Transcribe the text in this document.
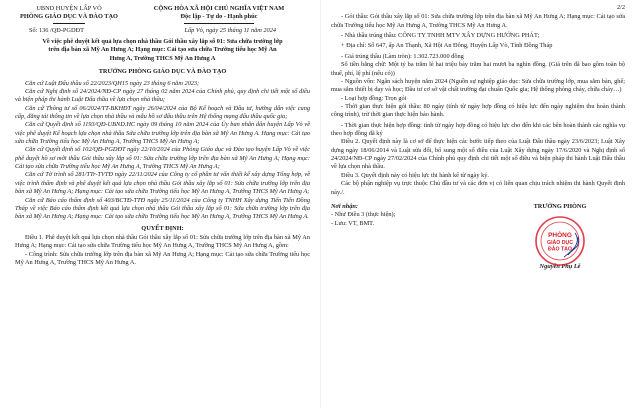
UBND HUYỆN LẤP VÒ
PHÒNG GIÁO DỤC VÀ ĐÀO TẠO
CỘNG HÒA XÃ HỘI CHỦ NGHĨA VIỆT NAM
Độc lập - Tự do - Hạnh phúc
Số: 136 /QĐ-PGDĐT	Lấp Vò, ngày 25 tháng 11 năm 2024
Về việc phê duyệt kết quả lựa chọn nhà thầu Gói thầu xây lắp số 01: Sửa chữa trường lớp trên địa bàn xã Mỹ An Hưng A; Hạng mục: Cải tạo sửa chữa Trường tiểu học Mỹ An Hưng A, Trường THCS Mỹ An Hưng A
TRƯỞNG PHÒNG GIÁO DỤC VÀ ĐÀO TẠO
Căn cứ Luật Đấu thầu số 22/2023/QH15 ngày 23 tháng 6 năm 2023;
Căn cứ Nghị định số 24/2024/NĐ-CP ngày 27 tháng 02 năm 2024 của Chính phủ, quy định chi tiết một số điều và biện pháp thi hành Luật Đấu thầu về lựa chọn nhà thầu;
Căn cứ Thông tư số 06/2024/TT-BKHĐT ngày 26/04/2024 của Bộ Kế hoạch và Đầu tư, hướng dẫn việc cung cấp, đăng tải thông tin về lựa chọn nhà thầu và mẫu hồ sơ đấu thầu trên Hệ thống mạng đấu thầu quốc gia;
Căn cứ Quyết định số 1193/QĐ-UBND.HC ngày 09 tháng 10 năm 2024 của Ủy ban nhân dân huyện Lấp Vò về việc phê duyệt Kế hoạch lựa chọn nhà thầu Sửa chữa trường lớp trên địa bàn xã Mỹ An Hưng A. Hạng mục: Cải tạo sửa chữa Trường tiểu học Mỹ An Hưng A, Trường THCS Mỹ An Hưng A;
Căn cứ Quyết định số 102/QĐ-PGDĐT ngày 22/10/2024 của Phòng Giáo dục và Đào tạo huyện Lấp Vò về việc phê duyệt hồ sơ mời thầu Gói thầu xây lắp số 01: Sửa chữa trường lớp trên địa bàn xã Mỹ An Hưng A; Hạng mục: Cải tạo sửa chữa Trường tiểu học Mỹ An Hưng A, Trường THCS Mỹ An Hưng A;
Căn cứ Tờ trình số 281/TTr-TVTĐ ngày 22/11/2024 của Công ty cổ phần tư vấn thiết kế xây dựng Tổng hợp, về việc trình thẩm định và phê duyệt kết quả lựa chọn nhà thầu Gói thầu xây lắp số 01: Sửa chữa trường lớp trên địa bàn xã Mỹ An Hưng A; Hạng mục: Cải tạo sửa chữa Trường tiểu học Mỹ An Hưng A, Trường THCS Mỹ An Hưng A;
Căn cứ Báo cáo thẩm định số 403/BCTĐ-TTĐ ngày 25/11/2024 của Công ty TNHH Xây dựng Tiến Tiến Đồng Tháp về việc Báo cáo thẩm định kết quả lựa chọn nhà thầu Gói thầu xây lắp số 01: Sửa chữa trường lớp trên địa bàn xã Mỹ An Hưng A; Hạng mục: Cải tạo sửa chữa Trường tiểu học Mỹ An Hưng A, Trường THCS Mỹ An Hưng A.
QUYẾT ĐỊNH:
Điều 1. Phê duyệt kết quả lựa chọn nhà thầu Gói thầu xây lắp số 01: Sửa chữa trường lớp trên địa bàn xã Mỹ An Hưng A; Hạng mục: Cải tạo sửa chữa Trường tiểu học Mỹ An Hưng A, Trường THCS Mỹ An Hưng A, gồm:
- Công trình: Sửa chữa trường lớp trên địa bàn xã Mỹ An Hưng A; Hạng mục: Cải tạo sửa chữa Trường tiểu học Mỹ An Hưng A, Trường THCS Mỹ An Hưng A.
2/2
- Gói thầu: Gói thầu xây lắp số 01: Sửa chữa trường lớp trên địa bàn xã Mỹ An Hưng A; Hạng mục: Cải tạo sửa chữa Trường tiểu học Mỹ An Hưng A, Trường THCS Mỹ An Hưng A.
- Nhà thầu trúng thầu: CÔNG TY TNHH MTV XÂY DỰNG HƯỚNG PHÁT;
+ Địa chỉ: Số 647, ấp An Thạnh, Xã Hội An Đông, Huyện Lấp Vò, Tỉnh Đồng Tháp
- Giá trúng thầu (Làm tròn): 1.302.723.000 đồng
Số tiền bằng chữ: Một tỷ ba trăm lẻ hai triệu bảy trăm hai mươi ba nghìn đồng. (Giá trên đã bao gồm toàn bộ thuế, phí, lệ phí (nếu có))
- Nguồn vốn: Ngân sách huyện năm 2024 (Nguồn sự nghiệp giáo dục: Sửa chữa trường lớp, mua sắm bàn, ghế; mua sắm thiết bị dạy và học; Đầu tư cơ sở vật chất trường đạt chuẩn Quốc gia; Hệ thống phòng cháy, chữa cháy…)
- Loại hợp đồng: Trọn gói
- Thời gian thực hiện gói thầu: 80 ngày (tính từ ngày hợp đồng có hiệu lực đến ngày nghiệm thu hoàn thành công trình), trừ thời gian thực hiện bảo hành.
- Thời gian thực hiện hợp đồng: tính từ ngày hợp đồng có hiệu lực cho đến khi các bên hoàn thành các nghĩa vụ theo hợp đồng đã ký
Điều 2. Quyết định này là cơ sở để thực hiện các bước tiếp theo của Luật Đấu thầu ngày 23/6/2023; Luật Xây dựng ngày 18/06/2014 và Luật sửa đổi, bổ sung một số điều của Luật Xây dựng ngày 17/6/2020 và Nghị định số 24/2024/NĐ-CP ngày 27/02/2024 của Chính phủ quy định chi tiết một số điều và biện pháp thi hành Luật Đấu thầu về lựa chọn nhà thầu.
Điều 3. Quyết định này có hiệu lực thi hành kể từ ngày ký.
Các bộ phận nghiệp vụ trực thuộc Chủ đầu tư và các đơn vị có liên quan chịu trách nhiệm thi hành Quyết định này./.
Nơi nhận:
- Như Điều 3 (thực hiện);
- Lưu: VT, BMT.
TRƯỞNG PHÒNG
PHÒNG
GIÁO DỤC
ĐÀO TẠO
Nguyễn Phụ Lễ
